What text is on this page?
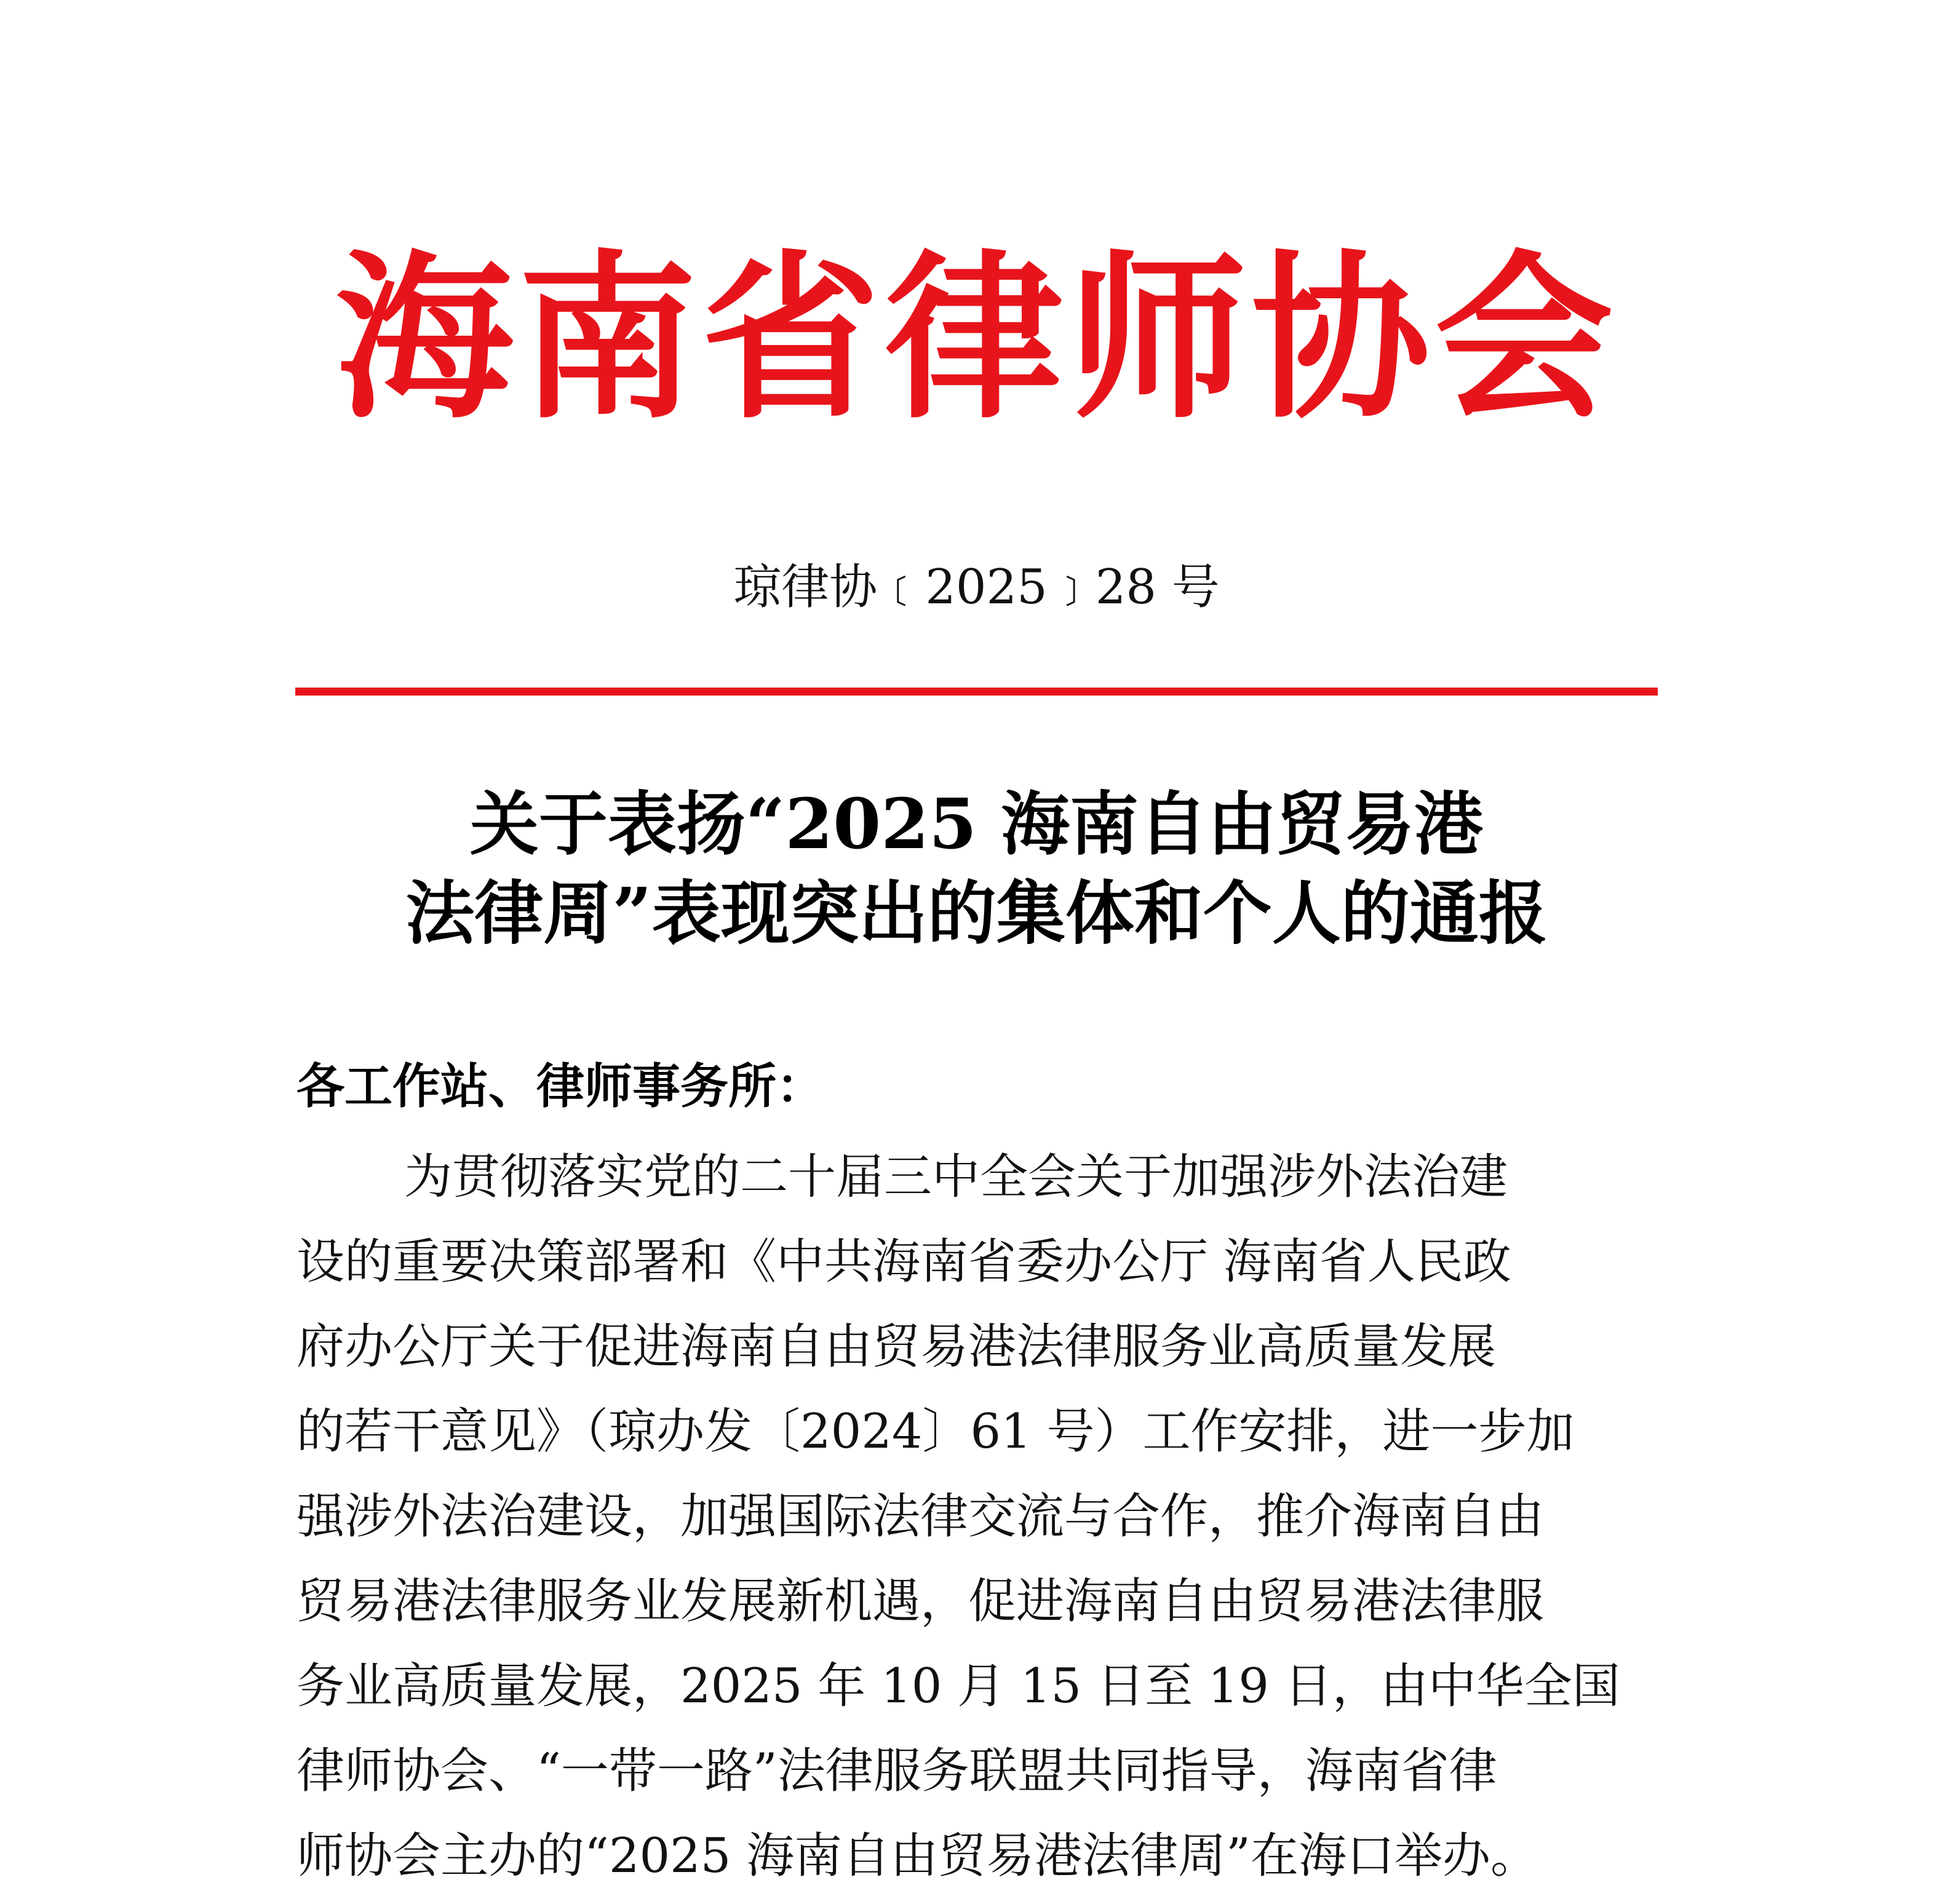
海南省律师协会
琼律协﹝2025﹞28 号
关于表扬“2025 海南自由贸易港
法律周”表现突出的集体和个人的通报
各工作站、律师事务所：
为贯彻落实党的二十届三中全会关于加强涉外法治建
设的重要决策部署和《中共海南省委办公厅 海南省人民政
府办公厅关于促进海南自由贸易港法律服务业高质量发展
的若干意见》（琼办发〔2024〕61 号）工作安排，进一步加
强涉外法治建设，加强国际法律交流与合作，推介海南自由
贸易港法律服务业发展新机遇，促进海南自由贸易港法律服
务业高质量发展，2025 年 10 月 15 日至 19 日，由中华全国
律师协会、“一带一路”法律服务联盟共同指导，海南省律
师协会主办的“2025 海南自由贸易港法律周”在海口举办。
